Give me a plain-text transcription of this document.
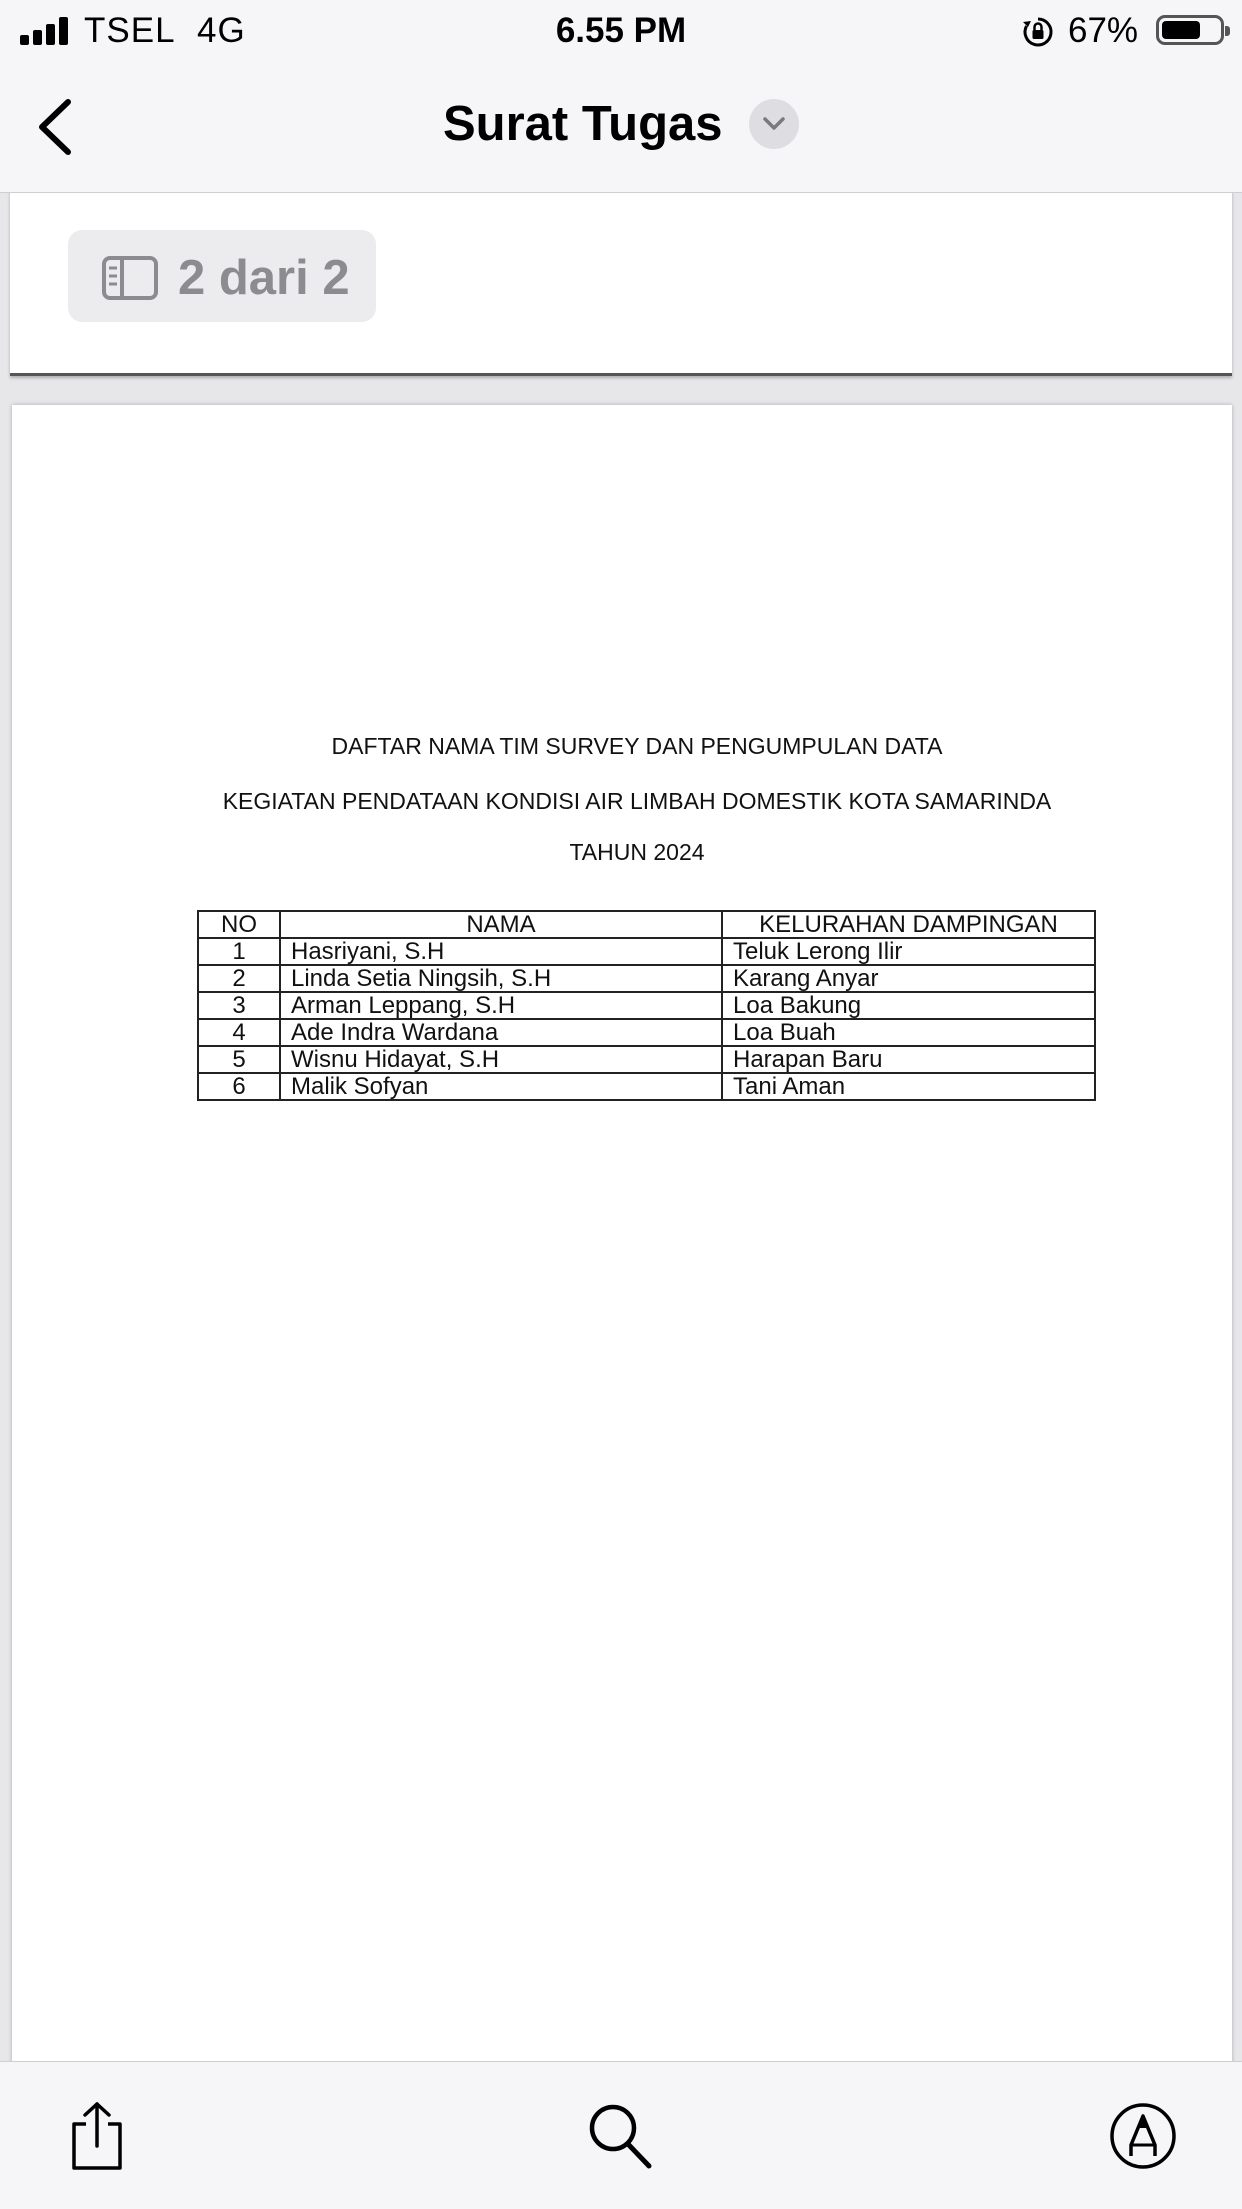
TSEL 4G	6.55 PM	67%
Surat Tugas
2 dari 2
DAFTAR NAMA TIM SURVEY DAN PENGUMPULAN DATA
KEGIATAN PENDATAAN KONDISI AIR LIMBAH DOMESTIK KOTA SAMARINDA
TAHUN 2024
NO	NAMA	KELURAHAN DAMPINGAN
1	Hasriyani, S.H	Teluk Lerong Ilir
2	Linda Setia Ningsih, S.H	Karang Anyar
3	Arman Leppang, S.H	Loa Bakung
4	Ade Indra Wardana	Loa Buah
5	Wisnu Hidayat, S.H	Harapan Baru
6	Malik Sofyan	Tani Aman
